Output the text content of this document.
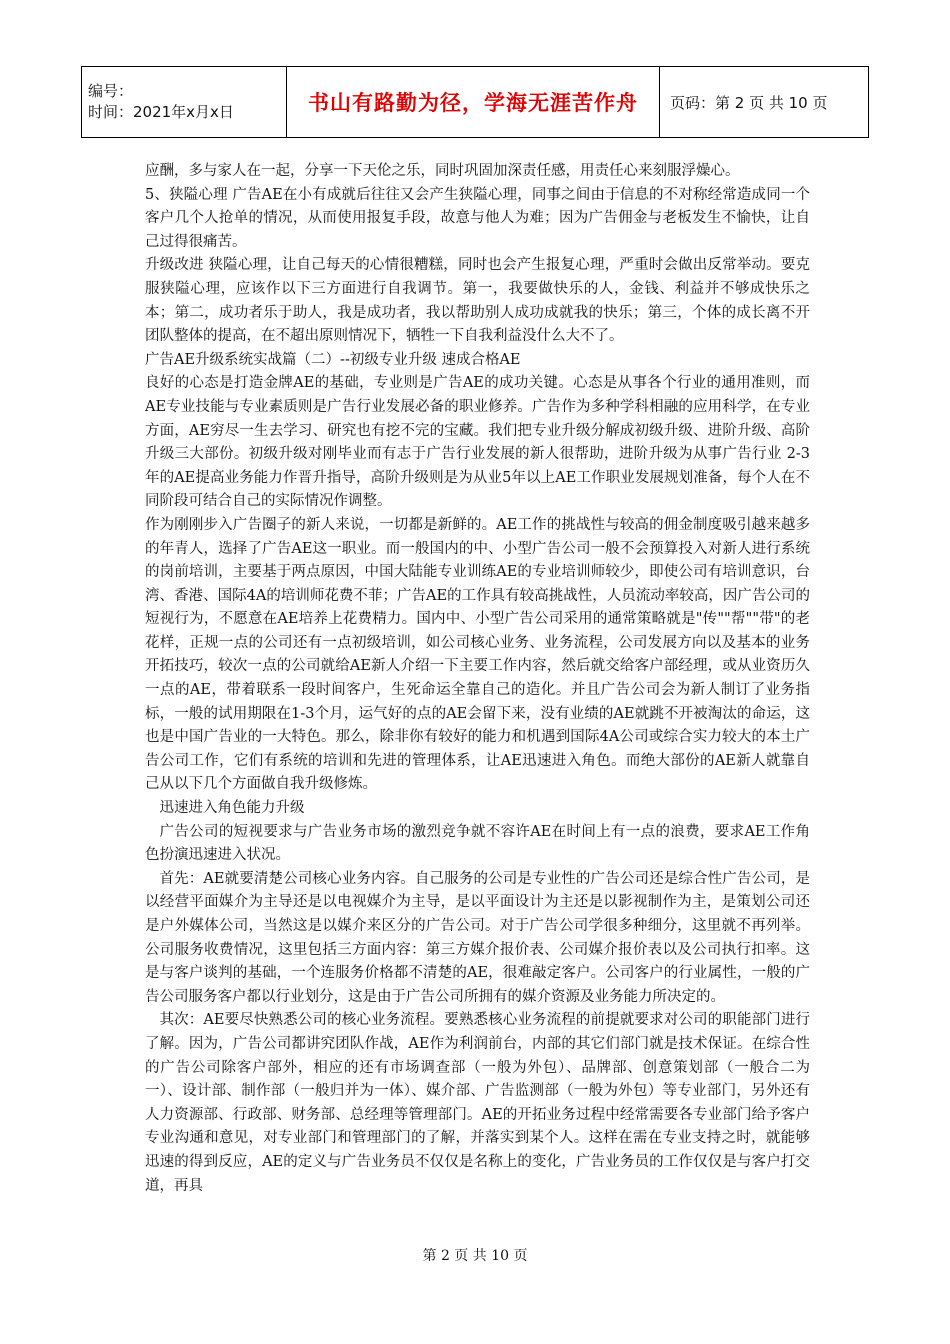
编号：
时间：2021年x月x日	书山有路勤为径，学海无涯苦作舟	页码：第 2 页 共 10 页

应酬，多与家人在一起，分享一下天伦之乐，同时巩固加深责任感，用责任心来刻服浮燥心。

5、狭隘心理 广告AE在小有成就后往往又会产生狭隘心理，同事之间由于信息的不对称经常造成同一个客户几个人抢单的情况，从而使用报复手段，故意与他人为难；因为广告佣金与老板发生不愉快，让自己过得很痛苦。

升级改进 狭隘心理，让自己每天的心情很糟糕，同时也会产生报复心理，严重时会做出反常举动。要克服狭隘心理，应该作以下三方面进行自我调节。第一，我要做快乐的人，金钱、利益并不够成快乐之本；第二，成功者乐于助人，我是成功者，我以帮助别人成功成就我的快乐；第三，个体的成长离不开团队整体的提高，在不超出原则情况下，牺牲一下自我利益没什么大不了。

广告AE升级系统实战篇（二）--初级专业升级 速成合格AE

良好的心态是打造金牌AE的基础，专业则是广告AE的成功关键。心态是从事各个行业的通用准则，而AE专业技能与专业素质则是广告行业发展必备的职业修养。广告作为多种学科相融的应用科学，在专业方面，AE穷尽一生去学习、研究也有挖不完的宝藏。我们把专业升级分解成初级升级、进阶升级、高阶升级三大部份。初级升级对刚毕业而有志于广告行业发展的新人很帮助，进阶升级为从事广告行业 2-3年的AE提高业务能力作晋升指导，高阶升级则是为从业5年以上AE工作职业发展规划准备，每个人在不同阶段可结合自己的实际情况作调整。

作为刚刚步入广告圈子的新人来说，一切都是新鲜的。AE工作的挑战性与较高的佣金制度吸引越来越多的年青人，选择了广告AE这一职业。而一般国内的中、小型广告公司一般不会预算投入对新人进行系统的岗前培训，主要基于两点原因，中国大陆能专业训练AE的专业培训师较少，即使公司有培训意识，台湾、香港、国际4A的培训师花费不菲；广告AE的工作具有较高挑战性，人员流动率较高，因广告公司的短视行为，不愿意在AE培养上花费精力。国内中、小型广告公司采用的通常策略就是"传""帮""带"的老花样，正规一点的公司还有一点初级培训，如公司核心业务、业务流程，公司发展方向以及基本的业务开拓技巧，较次一点的公司就给AE新人介绍一下主要工作内容，然后就交给客户部经理，或从业资历久一点的AE，带着联系一段时间客户，生死命运全靠自己的造化。并且广告公司会为新人制订了业务指标，一般的试用期限在1-3个月，运气好的点的AE会留下来，没有业绩的AE就跳不开被淘汰的命运，这也是中国广告业的一大特色。那么，除非你有较好的能力和机遇到国际4A公司或综合实力较大的本土广告公司工作，它们有系统的培训和先进的管理体系，让AE迅速进入角色。而绝大部份的AE新人就靠自己从以下几个方面做自我升级修炼。

迅速进入角色能力升级

广告公司的短视要求与广告业务市场的激烈竞争就不容许AE在时间上有一点的浪费，要求AE工作角色扮演迅速进入状况。

首先：AE就要清楚公司核心业务内容。自己服务的公司是专业性的广告公司还是综合性广告公司，是以经营平面媒介为主导还是以电视媒介为主导，是以平面设计为主还是以影视制作为主，是策划公司还是户外媒体公司，当然这是以媒介来区分的广告公司。对于广告公司学很多种细分，这里就不再列举。公司服务收费情况，这里包括三方面内容：第三方媒介报价表、公司媒介报价表以及公司执行扣率。这是与客户谈判的基础，一个连服务价格都不清楚的AE，很难敲定客户。公司客户的行业属性，一般的广告公司服务客户都以行业划分，这是由于广告公司所拥有的媒介资源及业务能力所决定的。

其次：AE要尽快熟悉公司的核心业务流程。要熟悉核心业务流程的前提就要求对公司的职能部门进行了解。因为，广告公司都讲究团队作战，AE作为利润前台，内部的其它们部门就是技术保证。在综合性的广告公司除客户部外，相应的还有市场调查部（一般为外包）、品牌部、创意策划部（一般合二为一）、设计部、制作部（一般归并为一体）、媒介部、广告监测部（一般为外包）等专业部门，另外还有人力资源部、行政部、财务部、总经理等管理部门。AE的开拓业务过程中经常需要各专业部门给予客户专业沟通和意见，对专业部门和管理部门的了解，并落实到某个人。这样在需在专业支持之时，就能够迅速的得到反应，AE的定义与广告业务员不仅仅是名称上的变化，广告业务员的工作仅仅是与客户打交道，再具

第 2 页 共 10 页
